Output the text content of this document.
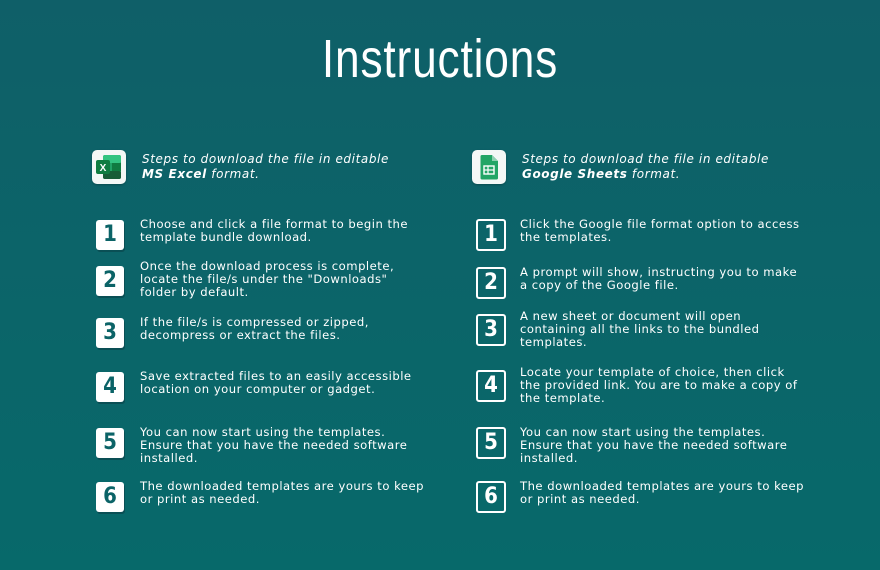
Instructions
X
Steps to download the file in editable
MS Excel format.
1	Choose and click a file format to begin the template bundle download.
2
Once the download process is complete, locate the file/s under the "Downloads" folder by default.
3	If the file/s is compressed or zipped, decompress or extract the files.
4	Save extracted files to an easily accessible location on your computer or gadget.
5	You can now start using the templates. Ensure that you have the needed software installed.
6	The downloaded templates are yours to keep or print as needed.
Steps to download the file in editable
Google Sheets format.
1	Click the Google file format option to access the templates.
2	A prompt will show, instructing you to make a copy of the Google file.
3
A new sheet or document will open containing all the links to the bundled templates.
4
Locate your template of choice, then click the provided link. You are to make a copy of the template.
5	You can now start using the templates. Ensure that you have the needed software installed.
6	The downloaded templates are yours to keep or print as needed.
